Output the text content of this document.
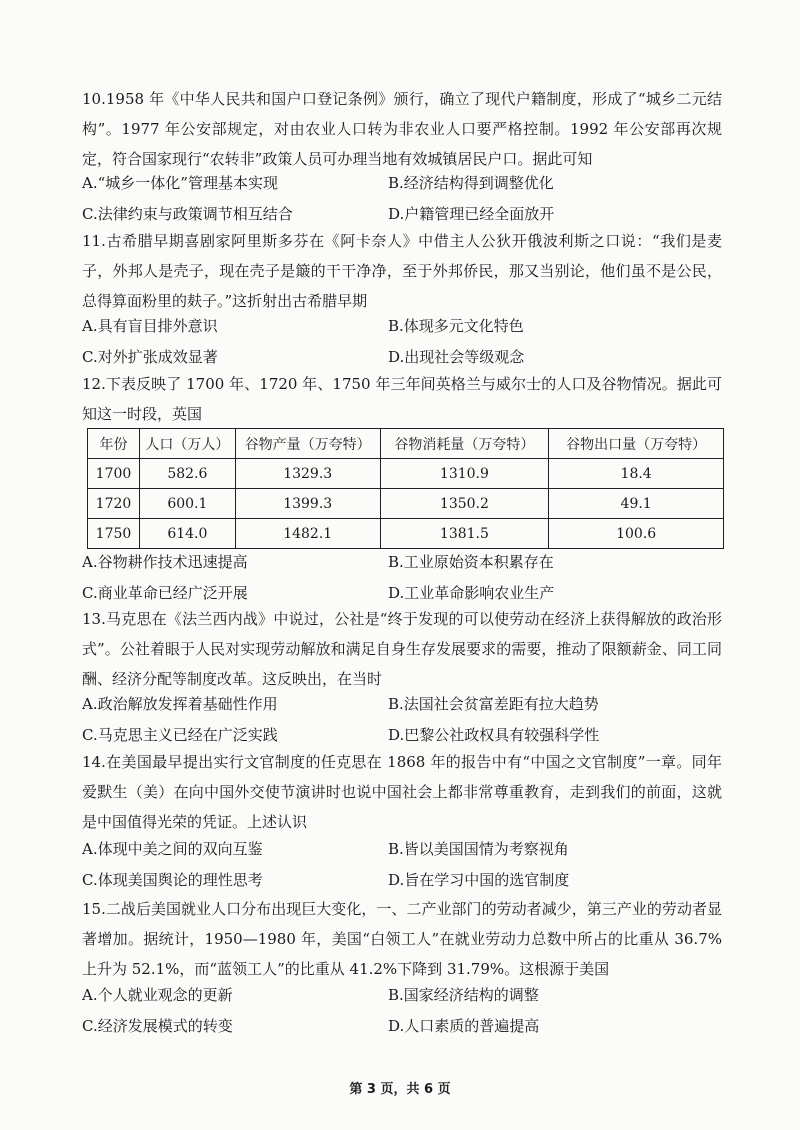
10.1958 年《中华人民共和国户口登记条例》颁行，确立了现代户籍制度，形成了“城乡二元结构”。1977 年公安部规定，对由农业人口转为非农业人口要严格控制。1992 年公安部再次规定，符合国家现行“农转非”政策人员可办理当地有效城镇居民户口。据此可知
A.“城乡一体化”管理基本实现	B.经济结构得到调整优化
C.法律约束与政策调节相互结合	D.户籍管理已经全面放开
11.古希腊早期喜剧家阿里斯多芬在《阿卡奈人》中借主人公狄开俄波利斯之口说：“我们是麦子，外邦人是壳子，现在壳子是簸的干干净净，至于外邦侨民，那又当别论，他们虽不是公民，总得算面粉里的麸子。”这折射出古希腊早期
A.具有盲目排外意识	B.体现多元文化特色
C.对外扩张成效显著	D.出现社会等级观念
12.下表反映了 1700 年、1720 年、1750 年三年间英格兰与威尔士的人口及谷物情况。据此可知这一时段，英国
年份	人口（万人）	谷物产量（万夸特）	谷物消耗量（万夸特）	谷物出口量（万夸特）
1700	582.6	1329.3	1310.9	18.4
1720	600.1	1399.3	1350.2	49.1
1750	614.0	1482.1	1381.5	100.6
A.谷物耕作技术迅速提高	B.工业原始资本积累存在
C.商业革命已经广泛开展	D.工业革命影响农业生产
13.马克思在《法兰西内战》中说过，公社是“终于发现的可以使劳动在经济上获得解放的政治形式”。公社着眼于人民对实现劳动解放和满足自身生存发展要求的需要，推动了限额薪金、同工同酬、经济分配等制度改革。这反映出，在当时
A.政治解放发挥着基础性作用	B.法国社会贫富差距有拉大趋势
C.马克思主义已经在广泛实践	D.巴黎公社政权具有较强科学性
14.在美国最早提出实行文官制度的任克思在 1868 年的报告中有“中国之文官制度”一章。同年爱默生（美）在向中国外交使节演讲时也说中国社会上都非常尊重教育，走到我们的前面，这就是中国值得光荣的凭证。上述认识
A.体现中美之间的双向互鉴	B.皆以美国国情为考察视角
C.体现美国舆论的理性思考	D.旨在学习中国的选官制度
15.二战后美国就业人口分布出现巨大变化，一、二产业部门的劳动者减少，第三产业的劳动者显著增加。据统计，1950—1980 年，美国“白领工人”在就业劳动力总数中所占的比重从 36.7%上升为 52.1%，而“蓝领工人”的比重从 41.2%下降到 31.79%。这根源于美国
A.个人就业观念的更新	B.国家经济结构的调整
C.经济发展模式的转变	D.人口素质的普遍提高
第 3 页，共 6 页
